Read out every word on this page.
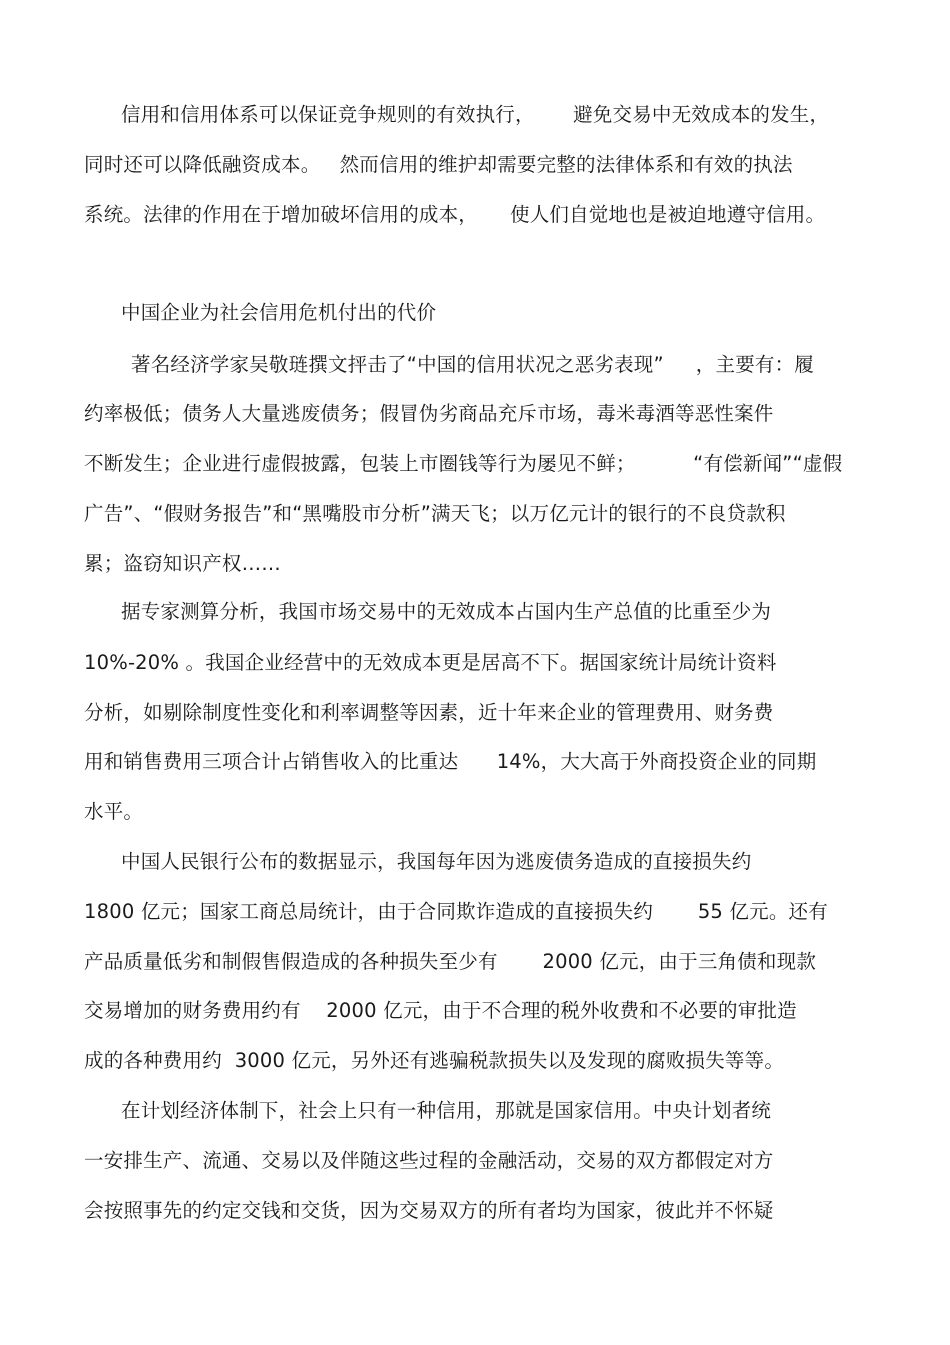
信用和信用体系可以保证竞争规则的有效执行，      避免交易中无效成本的发生，
同时还可以降低融资成本。   然而信用的维护却需要完整的法律体系和有效的执法
系统。法律的作用在于增加破坏信用的成本，     使人们自觉地也是被迫地遵守信用。
中国企业为社会信用危机付出的代价
著名经济学家吴敬琏撰文抨击了“中国的信用状况之恶劣表现”     ，主要有：履
约率极低；债务人大量逃废债务；假冒伪劣商品充斥市场，毒米毒酒等恶性案件
不断发生；企业进行虚假披露，包装上市圈钱等行为屡见不鲜；         “有偿新闻”“虚假
广告”、“假财务报告”和“黑嘴股市分析”满天飞；以万亿元计的银行的不良贷款积
累；盗窃知识产权……
据专家测算分析，我国市场交易中的无效成本占国内生产总值的比重至少为
10%-20% 。我国企业经营中的无效成本更是居高不下。据国家统计局统计资料
分析，如剔除制度性变化和利率调整等因素，近十年来企业的管理费用、财务费
用和销售费用三项合计占销售收入的比重达      14%，大大高于外商投资企业的同期
水平。
中国人民银行公布的数据显示，我国每年因为逃废债务造成的直接损失约
1800 亿元；国家工商总局统计，由于合同欺诈造成的直接损失约       55 亿元。还有
产品质量低劣和制假售假造成的各种损失至少有       2000 亿元，由于三角债和现款
交易增加的财务费用约有    2000 亿元，由于不合理的税外收费和不必要的审批造
成的各种费用约  3000 亿元，另外还有逃骗税款损失以及发现的腐败损失等等。
在计划经济体制下，社会上只有一种信用，那就是国家信用。中央计划者统
一安排生产、流通、交易以及伴随这些过程的金融活动，交易的双方都假定对方
会按照事先的约定交钱和交货，因为交易双方的所有者均为国家，彼此并不怀疑
